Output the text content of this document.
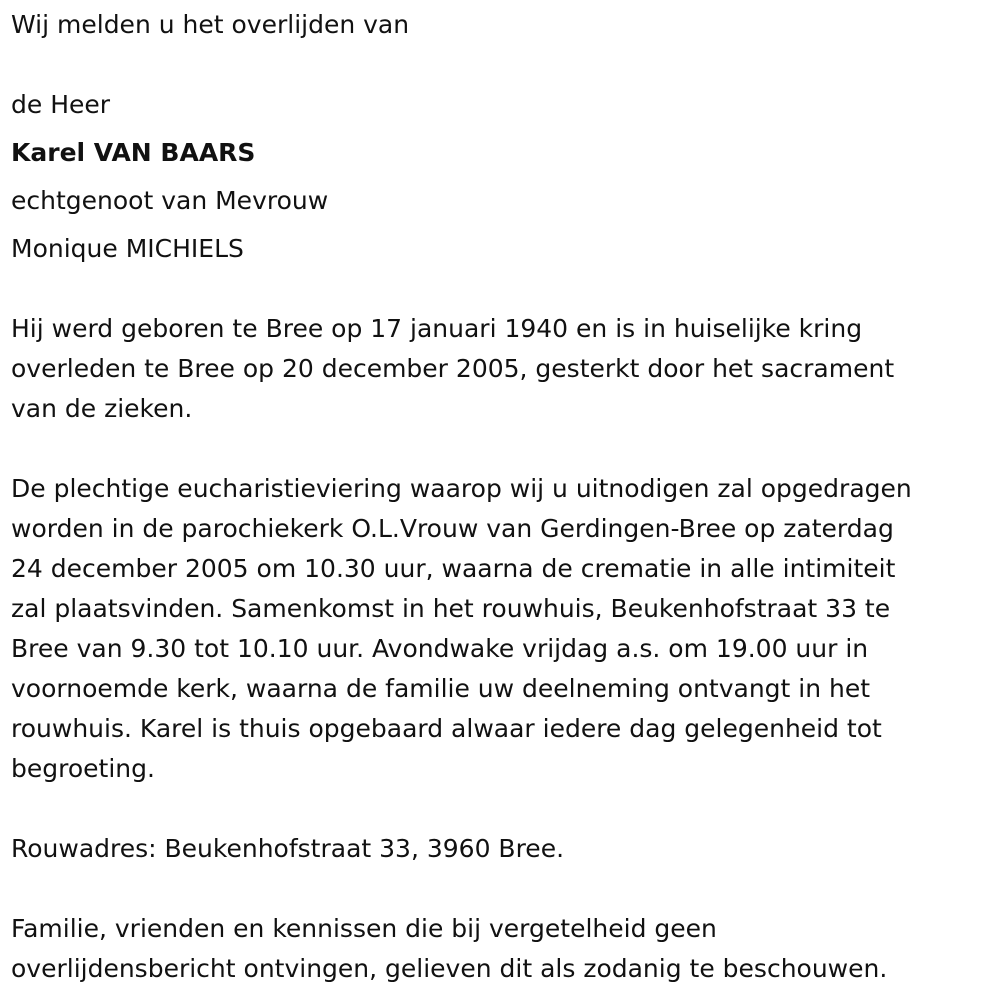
Wij melden u het overlijden van
de Heer
Karel VAN BAARS
echtgenoot van Mevrouw
Monique MICHIELS
Hij werd geboren te Bree op 17 januari 1940 en is in huiselijke kring
overleden te Bree op 20 december 2005, gesterkt door het sacrament
van de zieken.
De plechtige eucharistieviering waarop wij u uitnodigen zal opgedragen
worden in de parochiekerk O.L.Vrouw van Gerdingen-Bree op zaterdag
24 december 2005 om 10.30 uur, waarna de crematie in alle intimiteit
zal plaatsvinden. Samenkomst in het rouwhuis, Beukenhofstraat 33 te
Bree van 9.30 tot 10.10 uur. Avondwake vrijdag a.s. om 19.00 uur in
voornoemde kerk, waarna de familie uw deelneming ontvangt in het
rouwhuis. Karel is thuis opgebaard alwaar iedere dag gelegenheid tot
begroeting.
Rouwadres: Beukenhofstraat 33, 3960 Bree.
Familie, vrienden en kennissen die bij vergetelheid geen
overlijdensbericht ontvingen, gelieven dit als zodanig te beschouwen.
